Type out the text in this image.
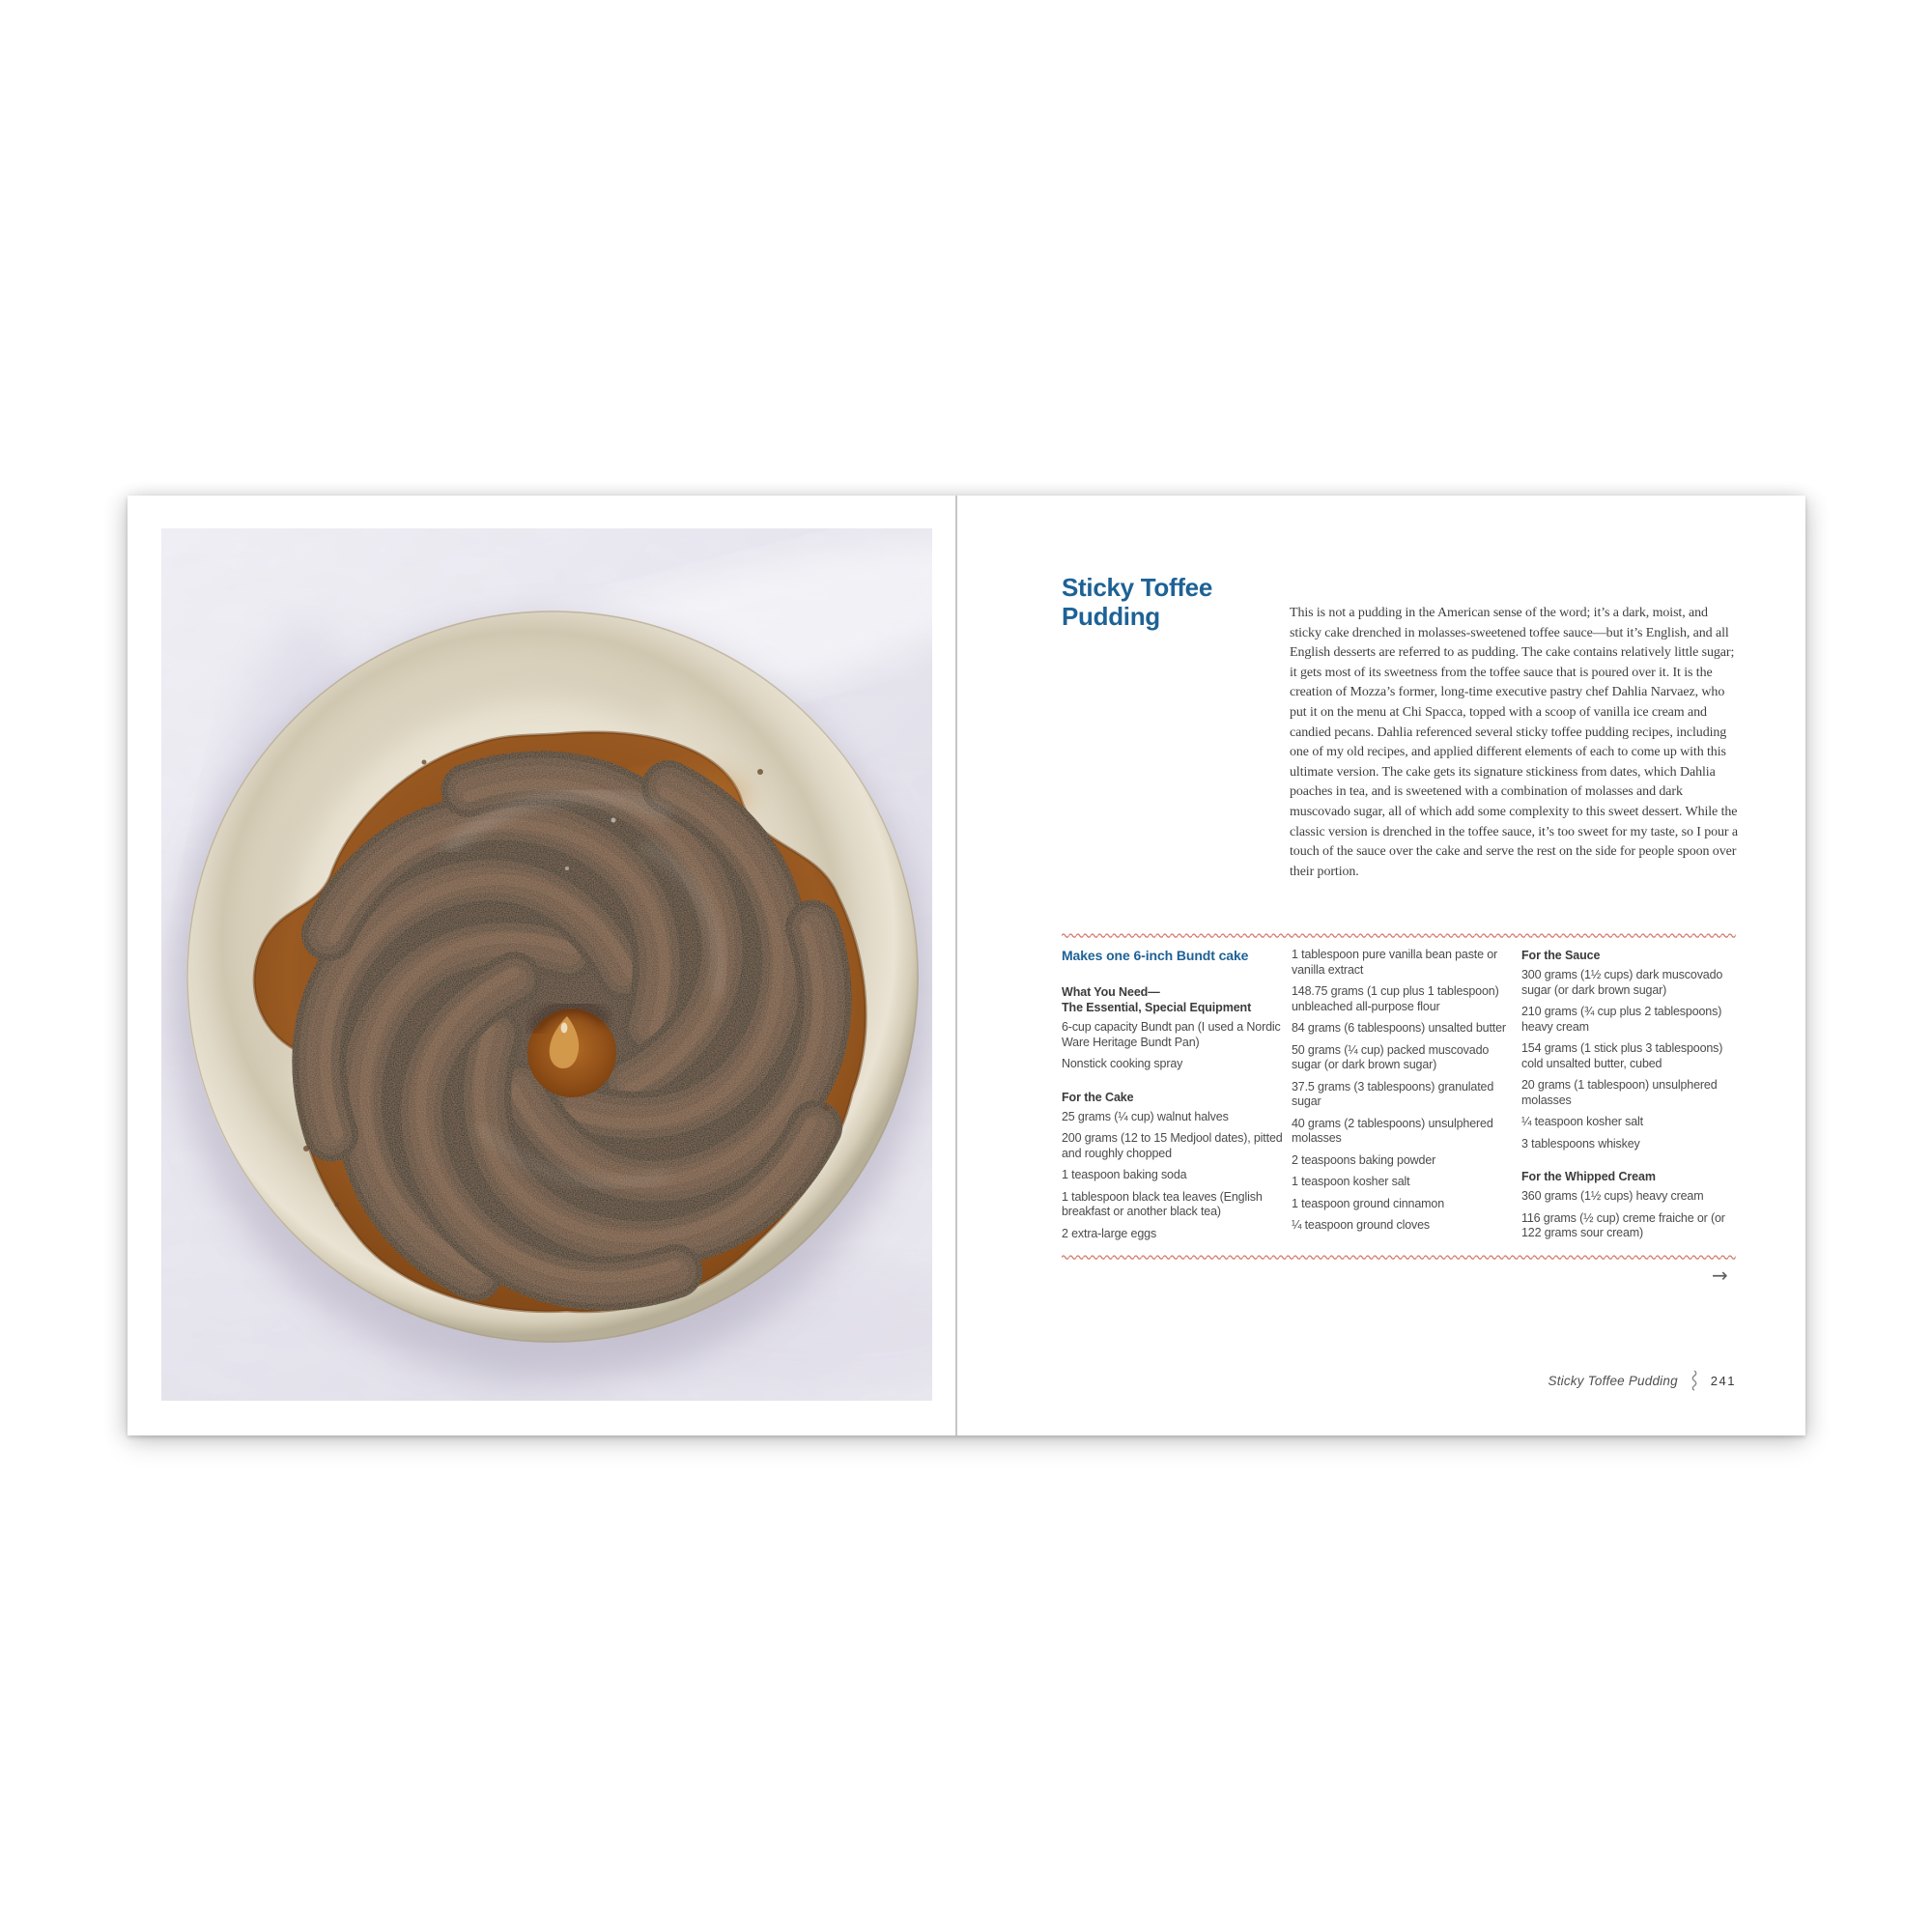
Sticky Toffee
Pudding	This is not a pudding in the American sense of the word; it’s a dark, moist, and sticky cake drenched in molasses-sweetened toffee sauce—but it’s English, and all English desserts are referred to as pudding. The cake contains relatively little sugar; it gets most of its sweetness from the toffee sauce that is poured over it. It is the creation of Mozza’s former, long-time executive pastry chef Dahlia Narvaez, who put it on the menu at Chi Spacca, topped with a scoop of vanilla ice cream and candied pecans. Dahlia referenced several sticky toffee pudding recipes, including one of my old recipes, and applied different elements of each to come up with this ultimate version. The cake gets its signature stickiness from dates, which Dahlia poaches in tea, and is sweetened with a combination of molasses and dark muscovado sugar, all of which add some complexity to this sweet dessert. While the classic version is drenched in the toffee sauce, it’s too sweet for my taste, so I pour a touch of the sauce over the cake and serve the rest on the side for people spoon over their portion.
Makes one 6-inch Bundt cake
What You Need—
The Essential, Special Equipment
6-cup capacity Bundt pan (I used a Nordic Ware Heritage Bundt Pan)
Nonstick cooking spray
For the Cake
25 grams (¼ cup) walnut halves
200 grams (12 to 15 Medjool dates), pitted and roughly chopped
1 teaspoon baking soda
1 tablespoon black tea leaves (English breakfast or another black tea)
2 extra-large eggs
1 tablespoon pure vanilla bean paste or vanilla extract
148.75 grams (1 cup plus 1 tablespoon) unbleached all-purpose flour
84 grams (6 tablespoons) unsalted butter
50 grams (¼ cup) packed muscovado sugar (or dark brown sugar)
37.5 grams (3 tablespoons) granulated sugar
40 grams (2 tablespoons) unsulphered molasses
2 teaspoons baking powder
1 teaspoon kosher salt
1 teaspoon ground cinnamon
¼ teaspoon ground cloves
For the Sauce
300 grams (1½ cups) dark muscovado sugar (or dark brown sugar)
210 grams (¾ cup plus 2 tablespoons) heavy cream
154 grams (1 stick plus 3 tablespoons) cold unsalted butter, cubed
20 grams (1 tablespoon) unsulphered molasses
¼ teaspoon kosher salt
3 tablespoons whiskey
For the Whipped Cream
360 grams (1½ cups) heavy cream
116 grams (½ cup) creme fraiche or (or 122 grams sour cream)
→
Sticky Toffee Pudding	241
